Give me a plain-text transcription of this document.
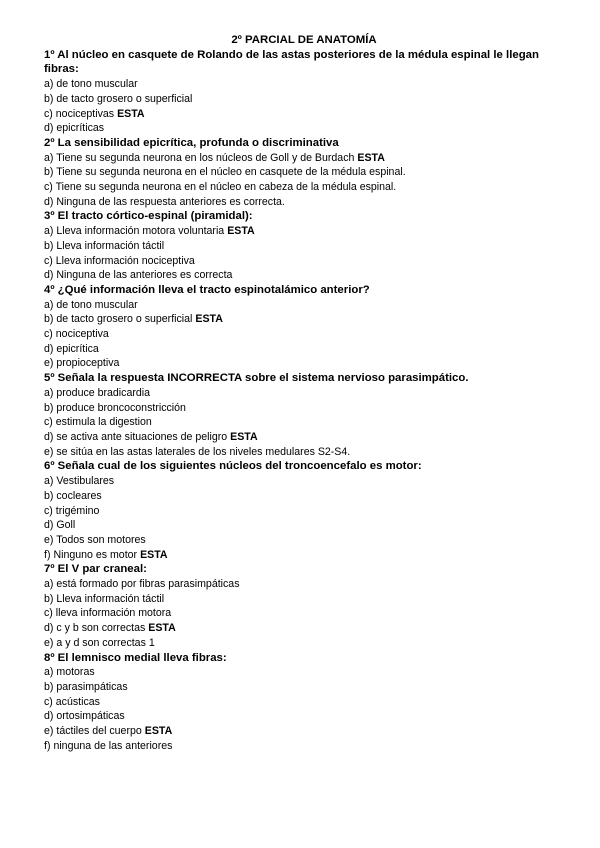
2º PARCIAL DE ANATOMÍA

1º Al núcleo en casquete de Rolando de las astas posteriores de la médula espinal le llegan fibras:

a) de tono muscular

b) de tacto grosero o superficial

c) nociceptivas ESTA

d) epicríticas

2º La sensibilidad epicrítica, profunda o discriminativa

a) Tiene su segunda neurona en los núcleos de Goll y de Burdach ESTA

b) Tiene su segunda neurona en el núcleo en casquete de la médula espinal.

c) Tiene su segunda neurona en el núcleo en cabeza de la médula espinal.

d) Ninguna de las respuesta anteriores es correcta.

3º El tracto córtico-espinal (piramidal):

a) Lleva información motora voluntaria ESTA

b) Lleva información táctil

c) Lleva información nociceptiva

d) Ninguna de las anteriores es correcta

4º ¿Qué información lleva el tracto espinotalámico anterior?

a) de tono muscular

b) de tacto grosero o superficial ESTA

c) nociceptiva

d) epicrítica

e) propioceptiva

5º Señala la respuesta INCORRECTA sobre el sistema nervioso parasimpático.

a) produce bradicardia

b) produce broncoconstricción

c) estimula la digestion

d) se activa ante situaciones de peligro ESTA

e) se sitúa en las astas laterales de los niveles medulares S2-S4.

6º Señala cual de los siguientes núcleos del troncoencefalo es motor:

a) Vestibulares

b) cocleares

c) trigémino

d) Goll

e) Todos son motores

f) Ninguno es motor ESTA

7º El V par craneal:

a) está formado por fibras parasimpáticas

b) Lleva información táctil

c) lleva información motora

d) c y b son correctas ESTA

e) a y d son correctas 1

8º El lemnisco medial lleva fibras:

a) motoras

b) parasimpáticas

c) acústicas

d) ortosimpáticas

e) táctiles del cuerpo ESTA

f) ninguna de las anteriores
